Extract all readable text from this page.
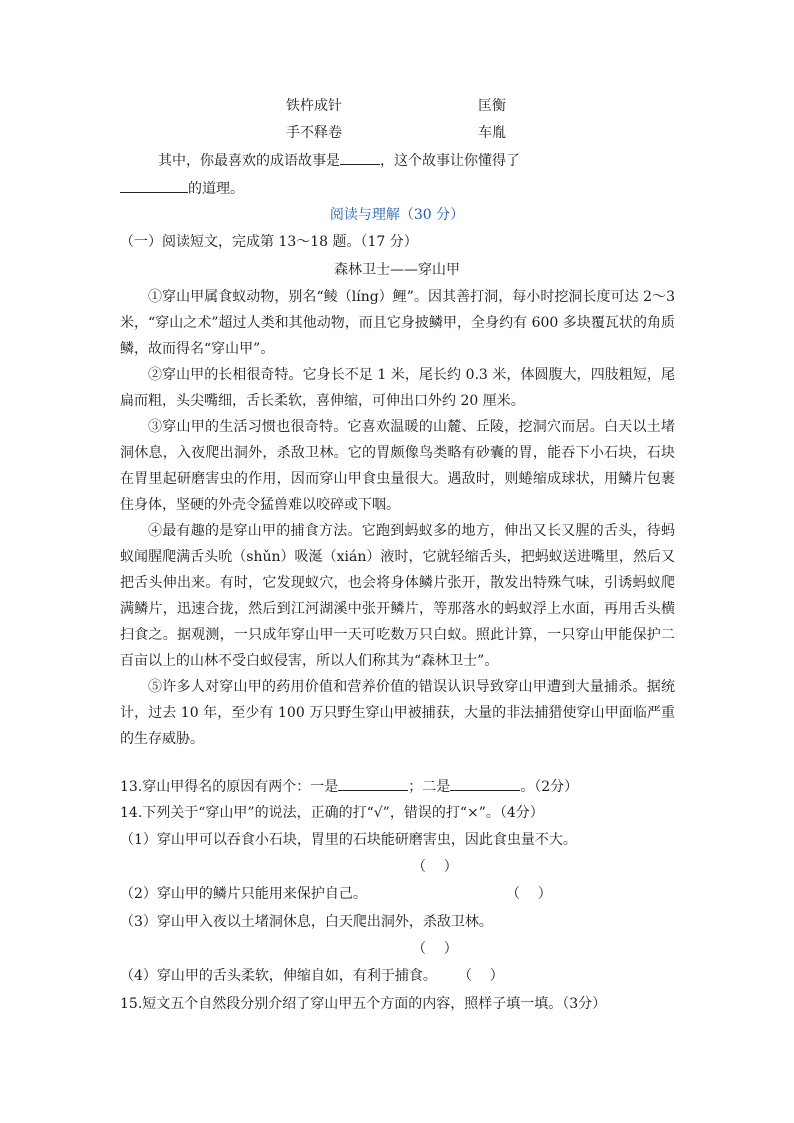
铁杵成针	匡衡
手不释卷	车胤
其中，你最喜欢的成语故事是	，这个故事让你懂得了
的道理。
阅读与理解（30 分）
（一）阅读短文，完成第 13～18 题。（17 分）
森林卫士——穿山甲

①穿山甲属食蚁动物，别名“鲮（líng）鲤”。因其善打洞，每小时挖洞长度可达 2～3 米，“穿山之术”超过人类和其他动物，而且它身披鳞甲，全身约有 600 多块覆瓦状的角质鳞，故而得名“穿山甲”。

②穿山甲的长相很奇特。它身长不足 1 米，尾长约 0.3 米，体圆腹大，四肢粗短，尾扁而粗，头尖嘴细，舌长柔软，喜伸缩，可伸出口外约 20 厘米。

③穿山甲的生活习惯也很奇特。它喜欢温暖的山麓、丘陵，挖洞穴而居。白天以土堵洞休息，入夜爬出洞外，杀敌卫林。它的胃颇像鸟类略有砂囊的胃，能吞下小石块，石块在胃里起研磨害虫的作用，因而穿山甲食虫量很大。遇敌时，则蜷缩成球状，用鳞片包裹住身体，坚硬的外壳令猛兽难以咬碎或下咽。

④最有趣的是穿山甲的捕食方法。它跑到蚂蚁多的地方，伸出又长又腥的舌头，待蚂蚁闻腥爬满舌头吮（shǔn）吸涎（xián）液时，它就轻缩舌头，把蚂蚁送进嘴里，然后又把舌头伸出来。有时，它发现蚁穴，也会将身体鳞片张开，散发出特殊气味，引诱蚂蚁爬满鳞片，迅速合拢，然后到江河湖溪中张开鳞片，等那落水的蚂蚁浮上水面，再用舌头横扫食之。据观测，一只成年穿山甲一天可吃数万只白蚁。照此计算，一只穿山甲能保护二百亩以上的山林不受白蚁侵害，所以人们称其为“森林卫士”。

⑤许多人对穿山甲的药用价值和营养价值的错误认识导致穿山甲遭到大量捕杀。据统计，过去 10 年，至少有 100 万只野生穿山甲被捕获，大量的非法捕猎使穿山甲面临严重的生存威胁。

13.穿山甲得名的原因有两个：一是	；二是	。（2分）
14.下列关于“穿山甲”的说法，正确的打“√”，错误的打“×”。（4分）
（1）穿山甲可以吞食小石块，胃里的石块能研磨害虫，因此食虫量不大。
（    ）
（2）穿山甲的鳞片只能用来保护自己。	（    ）
（3）穿山甲入夜以土堵洞休息，白天爬出洞外，杀敌卫林。
（    ）
（4）穿山甲的舌头柔软，伸缩自如，有利于捕食。 （    ）
15.短文五个自然段分别介绍了穿山甲五个方面的内容，照样子填一填。（3分）
